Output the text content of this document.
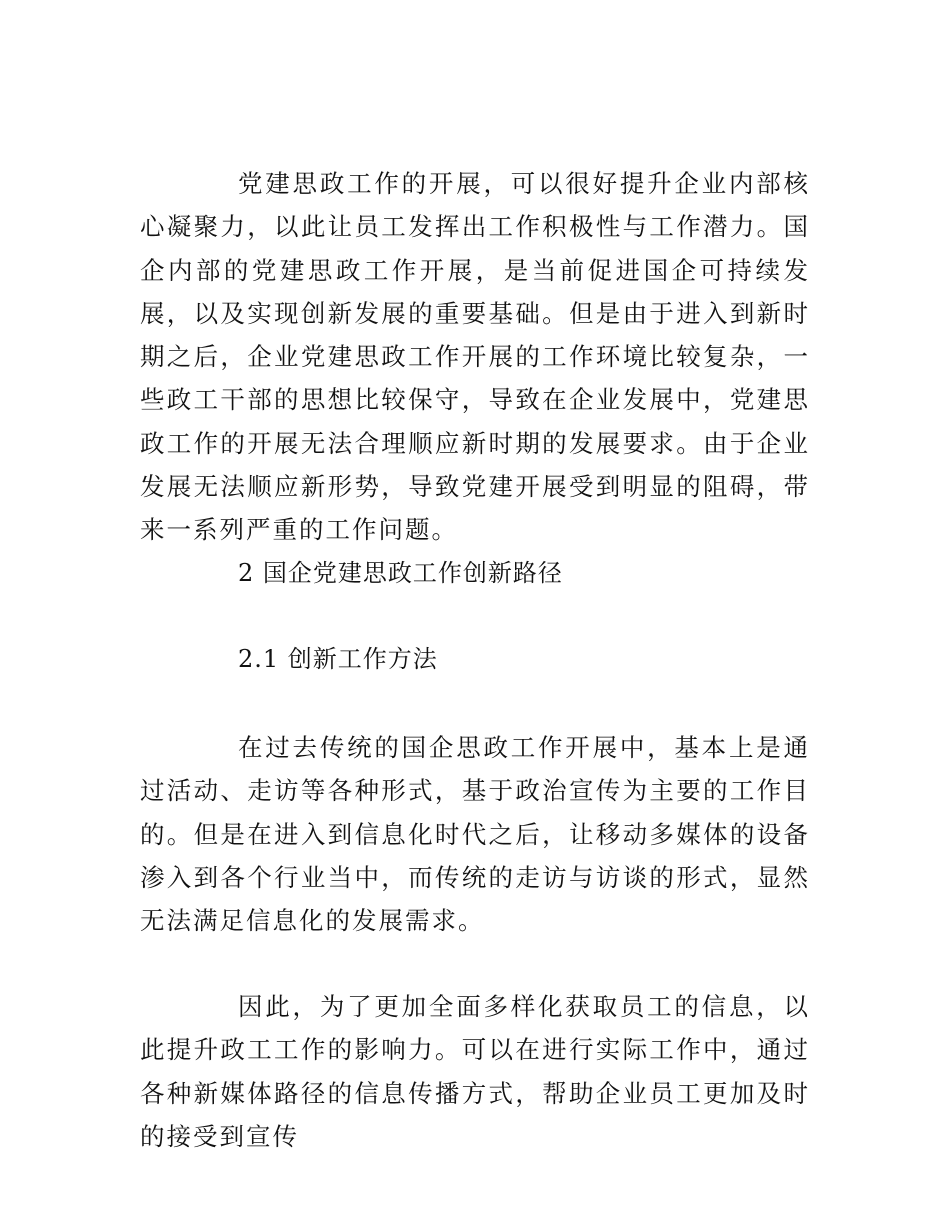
党建思政工作的开展，可以很好提升企业内部核心凝聚力，以此让员工发挥出工作积极性与工作潜力。国企内部的党建思政工作开展，是当前促进国企可持续发展，以及实现创新发展的重要基础。但是由于进入到新时期之后，企业党建思政工作开展的工作环境比较复杂，一些政工干部的思想比较保守，导致在企业发展中，党建思政工作的开展无法合理顺应新时期的发展要求。由于企业发展无法顺应新形势，导致党建开展受到明显的阻碍，带来一系列严重的工作问题。

2 国企党建思政工作创新路径

2.1 创新工作方法

在过去传统的国企思政工作开展中，基本上是通过活动、走访等各种形式，基于政治宣传为主要的工作目的。但是在进入到信息化时代之后，让移动多媒体的设备渗入到各个行业当中，而传统的走访与访谈的形式，显然无法满足信息化的发展需求。

因此，为了更加全面多样化获取员工的信息，以此提升政工工作的影响力。可以在进行实际工作中，通过各种新媒体路径的信息传播方式，帮助企业员工更加及时的接受到宣传
